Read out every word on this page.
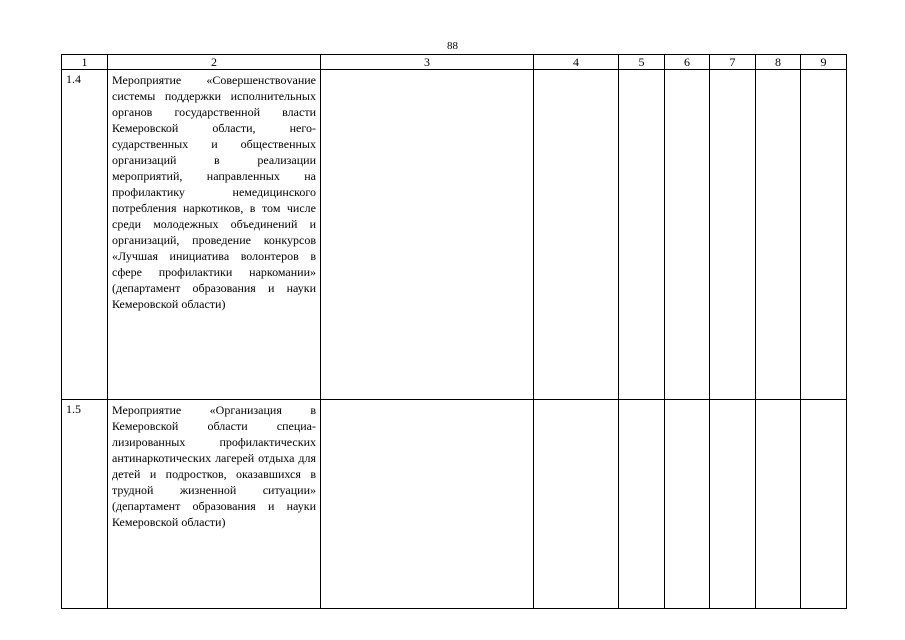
88
1	2	3	4	5	6	7	8	9
1.4	Мероприятие «Совершенствоvание системы поддержки исполнительных органов государственной власти Кемеровской области, негосударственных и общественных организаций в реализации мероприятий, направленных на профилактику немедицинского потребления наркотиков, в том числе среди молодежных объединений и организаций, проведение конкурсов «Лучшая инициатива волонтеров в сфере профилактики наркомании» (департамент образования и науки Кемеровской области)							
1.5	Мероприятие «Организация в Кемеровской области специализированных профилактических антинаркотических лагерей отдыха для детей и подростков, оказавшихся в трудной жизненной ситуации» (департамент образования и науки Кемеровской области)							
